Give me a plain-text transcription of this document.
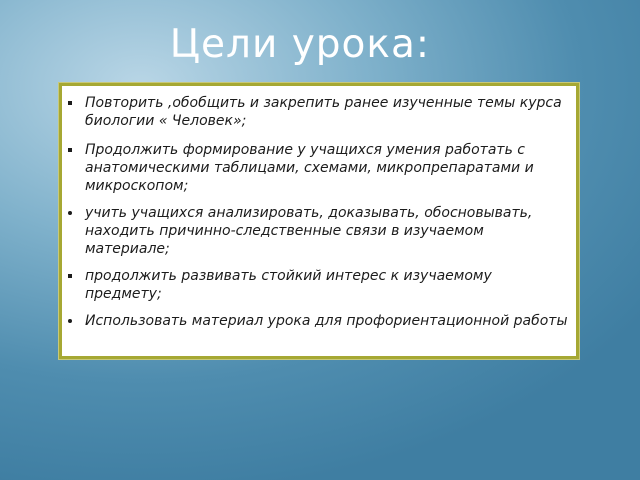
Цели урока:
Повторить ,обобщить и закрепить ранее изученные темы курса биологии « Человек»;
Продолжить формирование у учащихся умения работать с анатомическими таблицами, схемами, микропрепаратами и микроскопом;
учить учащихся анализировать, доказывать, обосновывать, находить причинно-следственные связи в изучаемом материале;
продолжить развивать стойкий интерес к изучаемому предмету;
Использовать материал урока для профориентационной работы
